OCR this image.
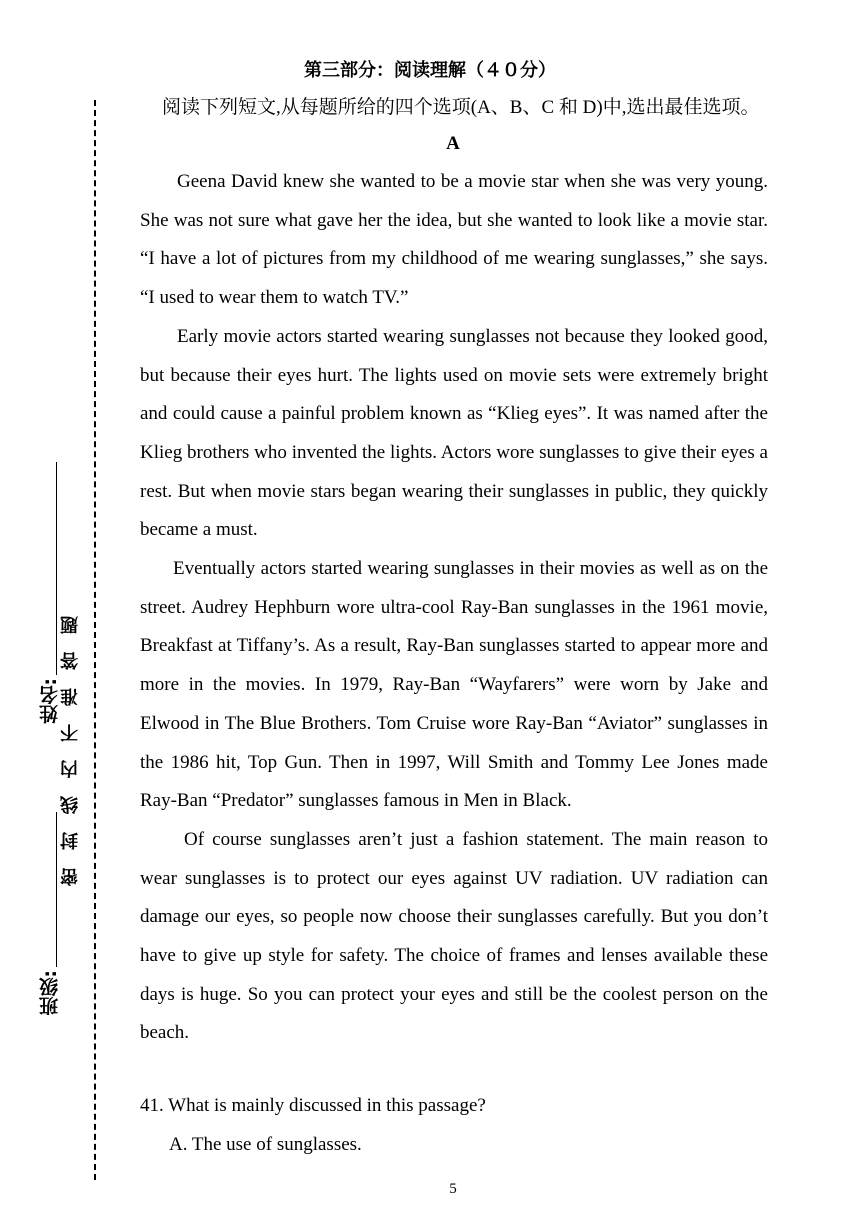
班级:
姓名: 密封线内不准答题
第三部分：阅读理解（４０分）
阅读下列短文,从每题所给的四个选项(A、B、C 和 D)中,选出最佳选项。
A

Geena David knew she wanted to be a movie star when she was very young. She was not sure what gave her the idea, but she wanted to look like a movie star. “I have a lot of pictures from my childhood of me wearing sunglasses,” she says. “I used to wear them to watch TV.”

Early movie actors started wearing sunglasses not because they looked good, but because their eyes hurt. The lights used on movie sets were extremely bright and could cause a painful problem known as “Klieg eyes”. It was named after the Klieg brothers who invented the lights. Actors wore sunglasses to give their eyes a rest. But when movie stars began wearing their sunglasses in public, they quickly became a must.

Eventually actors started wearing sunglasses in their movies as well as on the street. Audrey Hephburn wore ultra-cool Ray-Ban sunglasses in the 1961 movie, Breakfast at Tiffany’s. As a result, Ray-Ban sunglasses started to appear more and more in the movies. In 1979, Ray-Ban “Wayfarers” were worn by Jake and Elwood in The Blue Brothers. Tom Cruise wore Ray-Ban “Aviator” sunglasses in the 1986 hit, Top Gun. Then in 1997, Will Smith and Tommy Lee Jones made Ray-Ban “Predator” sunglasses famous in Men in Black.

Of course sunglasses aren’t just a fashion statement. The main reason to wear sunglasses is to protect our eyes against UV radiation. UV radiation can damage our eyes, so people now choose their sunglasses carefully. But you don’t have to give up style for safety. The choice of frames and lenses available these days is huge. So you can protect your eyes and still be the coolest person on the beach.

41. What is mainly discussed in this passage?
A. The use of sunglasses.
5
